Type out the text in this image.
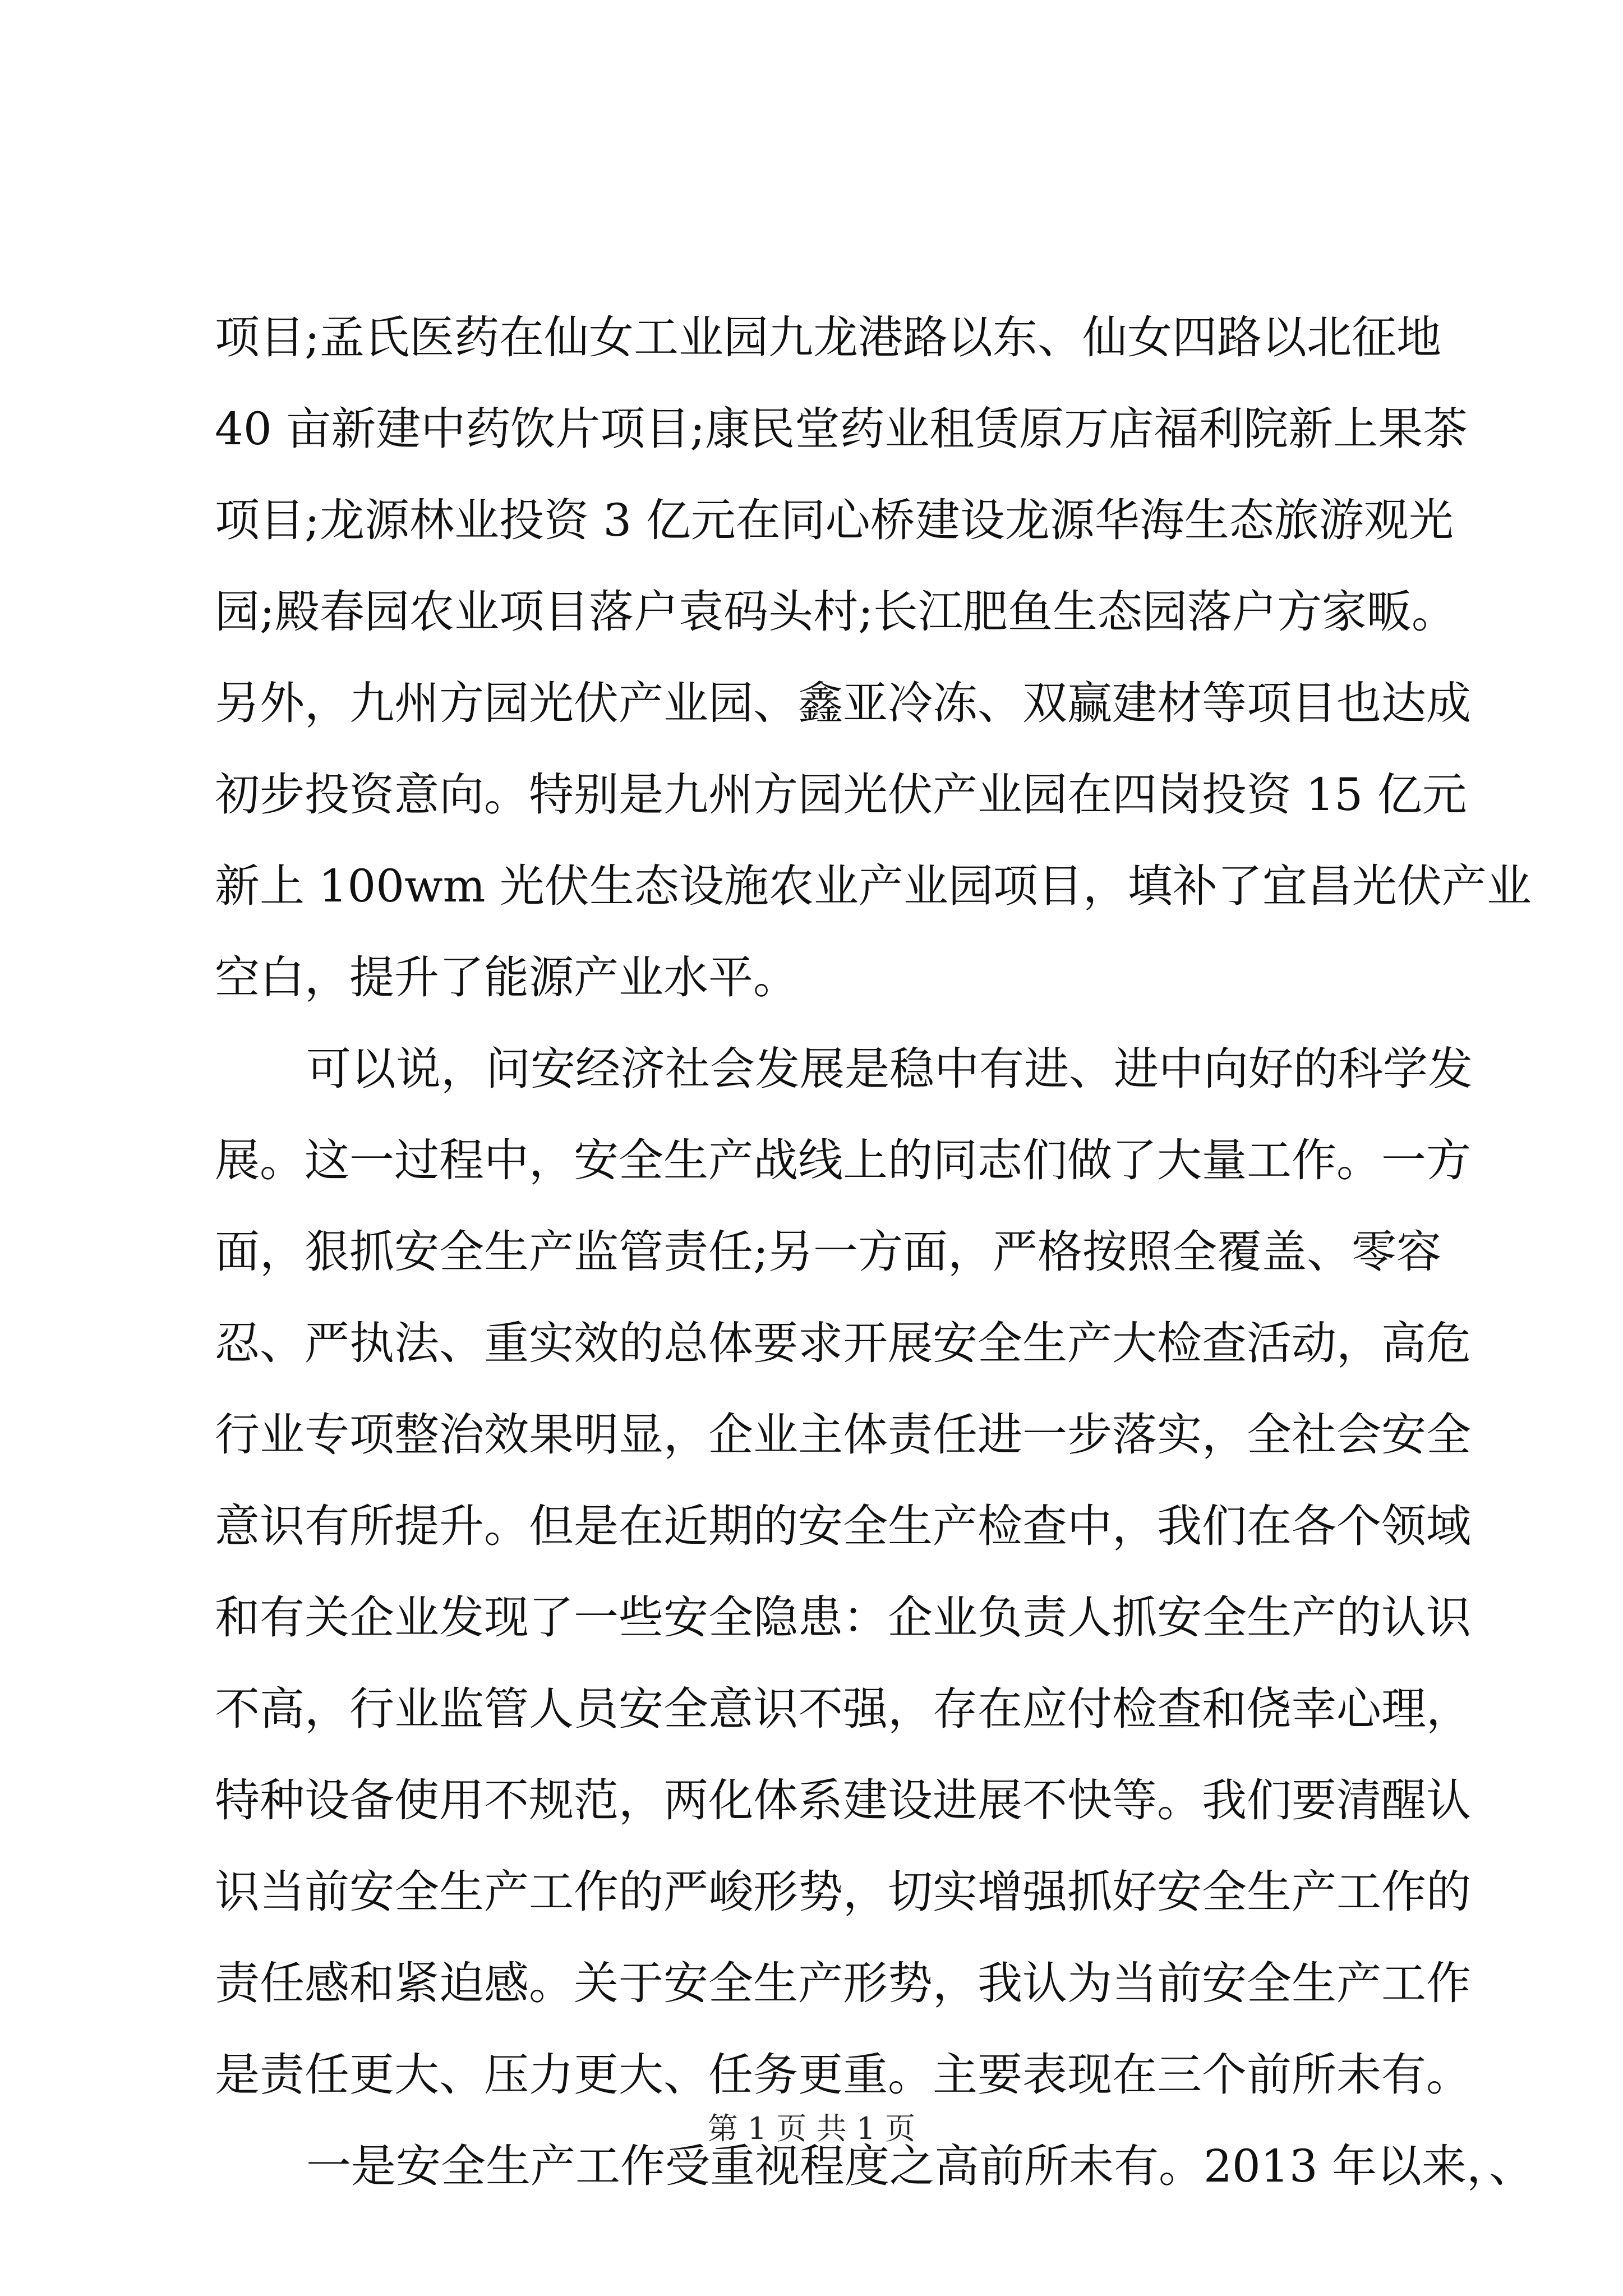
项目;孟氏医药在仙女工业园九龙港路以东、仙女四路以北征地
40 亩新建中药饮片项目;康民堂药业租赁原万店福利院新上果茶
项目;龙源林业投资 3 亿元在同心桥建设龙源华海生态旅游观光
园;殿春园农业项目落户袁码头村;长江肥鱼生态园落户方家畈。
另外，九州方园光伏产业园、鑫亚冷冻、双赢建材等项目也达成
初步投资意向。特别是九州方园光伏产业园在四岗投资 15 亿元
新上 100wm 光伏生态设施农业产业园项目，填补了宜昌光伏产业
空白，提升了能源产业水平。
可以说，问安经济社会发展是稳中有进、进中向好的科学发
展。这一过程中，安全生产战线上的同志们做了大量工作。一方
面，狠抓安全生产监管责任;另一方面，严格按照全覆盖、零容
忍、严执法、重实效的总体要求开展安全生产大检查活动，高危
行业专项整治效果明显，企业主体责任进一步落实，全社会安全
意识有所提升。但是在近期的安全生产检查中，我们在各个领域
和有关企业发现了一些安全隐患：企业负责人抓安全生产的认识
不高，行业监管人员安全意识不强，存在应付检查和侥幸心理，
特种设备使用不规范，两化体系建设进展不快等。我们要清醒认
识当前安全生产工作的严峻形势，切实增强抓好安全生产工作的
责任感和紧迫感。关于安全生产形势，我认为当前安全生产工作
是责任更大、压力更大、任务更重。主要表现在三个前所未有。
一是安全生产工作受重视程度之高前所未有。2013 年以来，、
第 1 页 共 1 页
